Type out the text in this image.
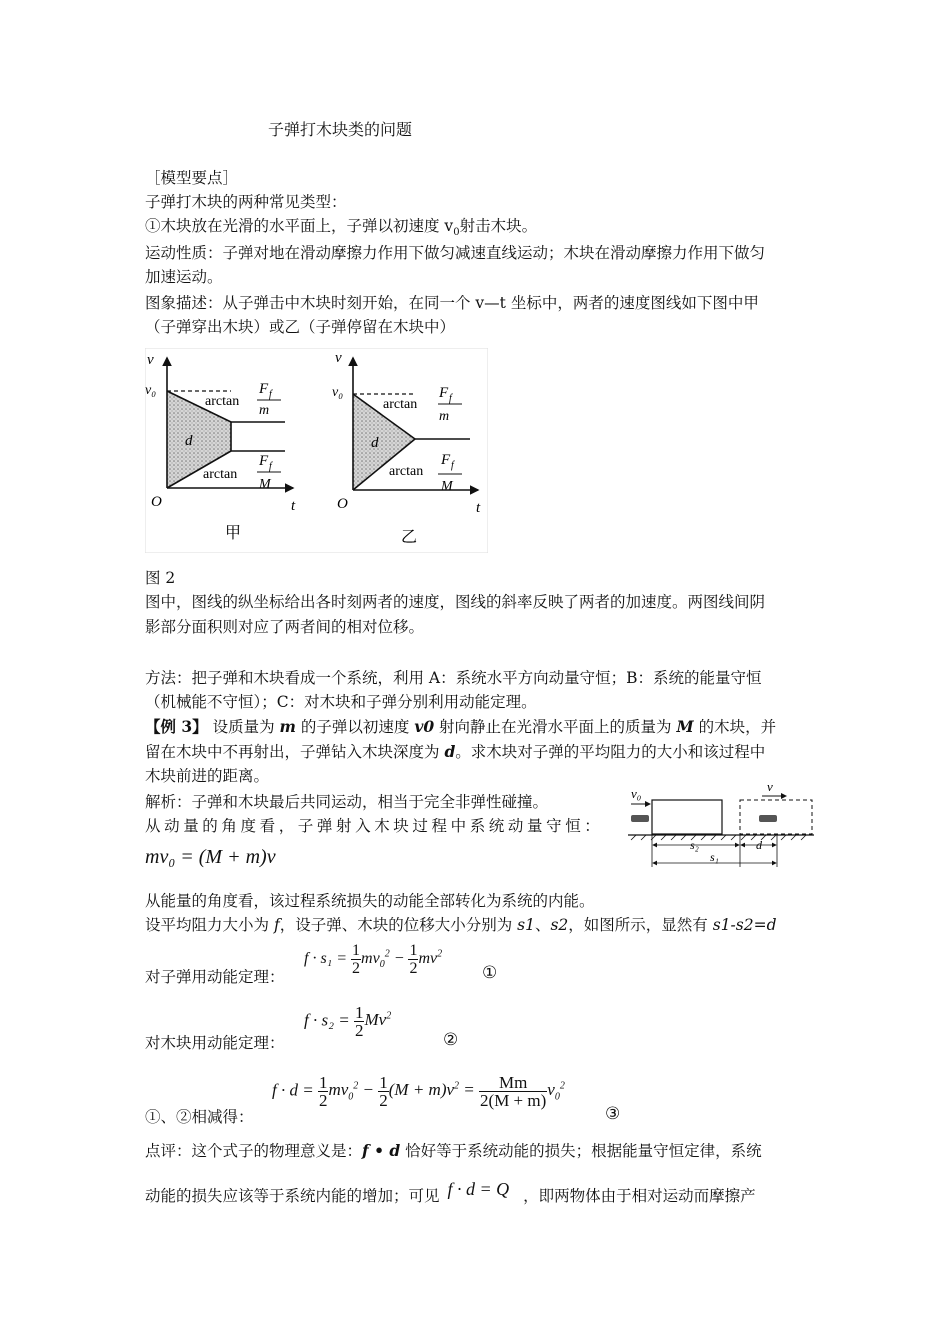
子弹打木块类的问题
［模型要点］
子弹打木块的两种常见类型：
①木块放在光滑的水平面上，子弹以初速度 $v_0$射击木块。
运动性质：子弹对地在滑动摩擦力作用下做匀减速直线运动；木块在滑动摩擦力作用下做匀
加速运动。
图象描述：从子弹击中木块时刻开始，在同一个 v—t 坐标中，两者的速度图线如下图中甲
（子弹穿出木块）或乙（子弹停留在木块中）
v
v₀
O	t
arctan
F f
m
d
arctan
F f
M
甲
v
v₀
O	t
arctan
F f
m
d
arctan
F f
M
乙
图 2
图中，图线的纵坐标给出各时刻两者的速度，图线的斜率反映了两者的加速度。两图线间阴
影部分面积则对应了两者间的相对位移。
方法：把子弹和木块看成一个系统，利用 A：系统水平方向动量守恒；B：系统的能量守恒
（机械能不守恒）；C：对木块和子弹分别利用动能定理。
【例 3】 设质量为 m 的子弹以初速度 v0 射向静止在光滑水平面上的质量为 M 的木块，并
留在木块中不再射出，子弹钻入木块深度为 d。求木块对子弹的平均阻力的大小和该过程中
木块前进的距离。
解析：子弹和木块最后共同运动，相当于完全非弹性碰撞。
从动量的角度看，子弹射入木块过程中系统动量守恒：
mv₀ = (M + m)v
v₀	v
s₂	d
s₁
从能量的角度看，该过程系统损失的动能全部转化为系统的内能。
设平均阻力大小为 f，设子弹、木块的位移大小分别为 s1、s2，如图所示，显然有 s1-s2=d
对子弹用动能定理：
$f \cdot s_1 = \frac{1}{2} mv_0^2 - \frac{1}{2} mv^2$
①
对木块用动能定理：
$f \cdot s_2 = \frac{1}{2} Mv^2$
②
①、②相减得：
$f \cdot d = \frac{1}{2} mv_0^2 - \frac{1}{2} (M + m)v^2 = \frac{Mm}{2(M + m)} v_0^2$
③
点评：这个式子的物理意义是：f • d 恰好等于系统动能的损失；根据能量守恒定律，系统
动能的损失应该等于系统内能的增加；可见 f · d = Q ，即两物体由于相对运动而摩擦产
